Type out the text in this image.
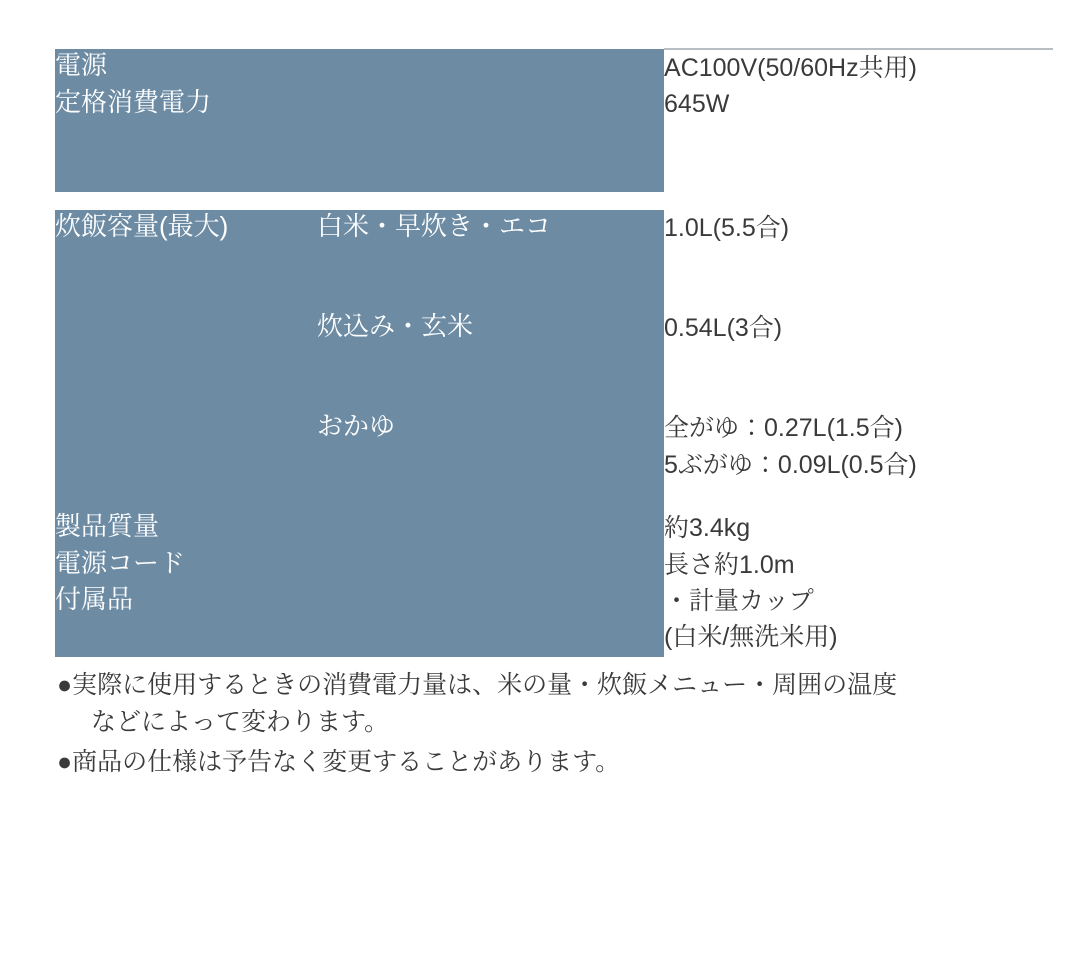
電源		AC100V(50/60Hz共用)

定格消費電力		645W

炊飯容量(最大)	白米・早炊き・エコ	1.0L(5.5合)

	炊込み・玄米	0.54L(3合)

	おかゆ	全がゆ：0.27L(1.5合)
5ぶがゆ：0.09L(0.5合)

製品質量		約3.4kg

電源コード		長さ約1.0m

付属品		・計量カップ
(白米/無洗米用)
●実際に使用するときの消費電力量は、米の量・炊飯メニュー・周囲の温度
などによって変わります。
●商品の仕様は予告なく変更することがあります。
